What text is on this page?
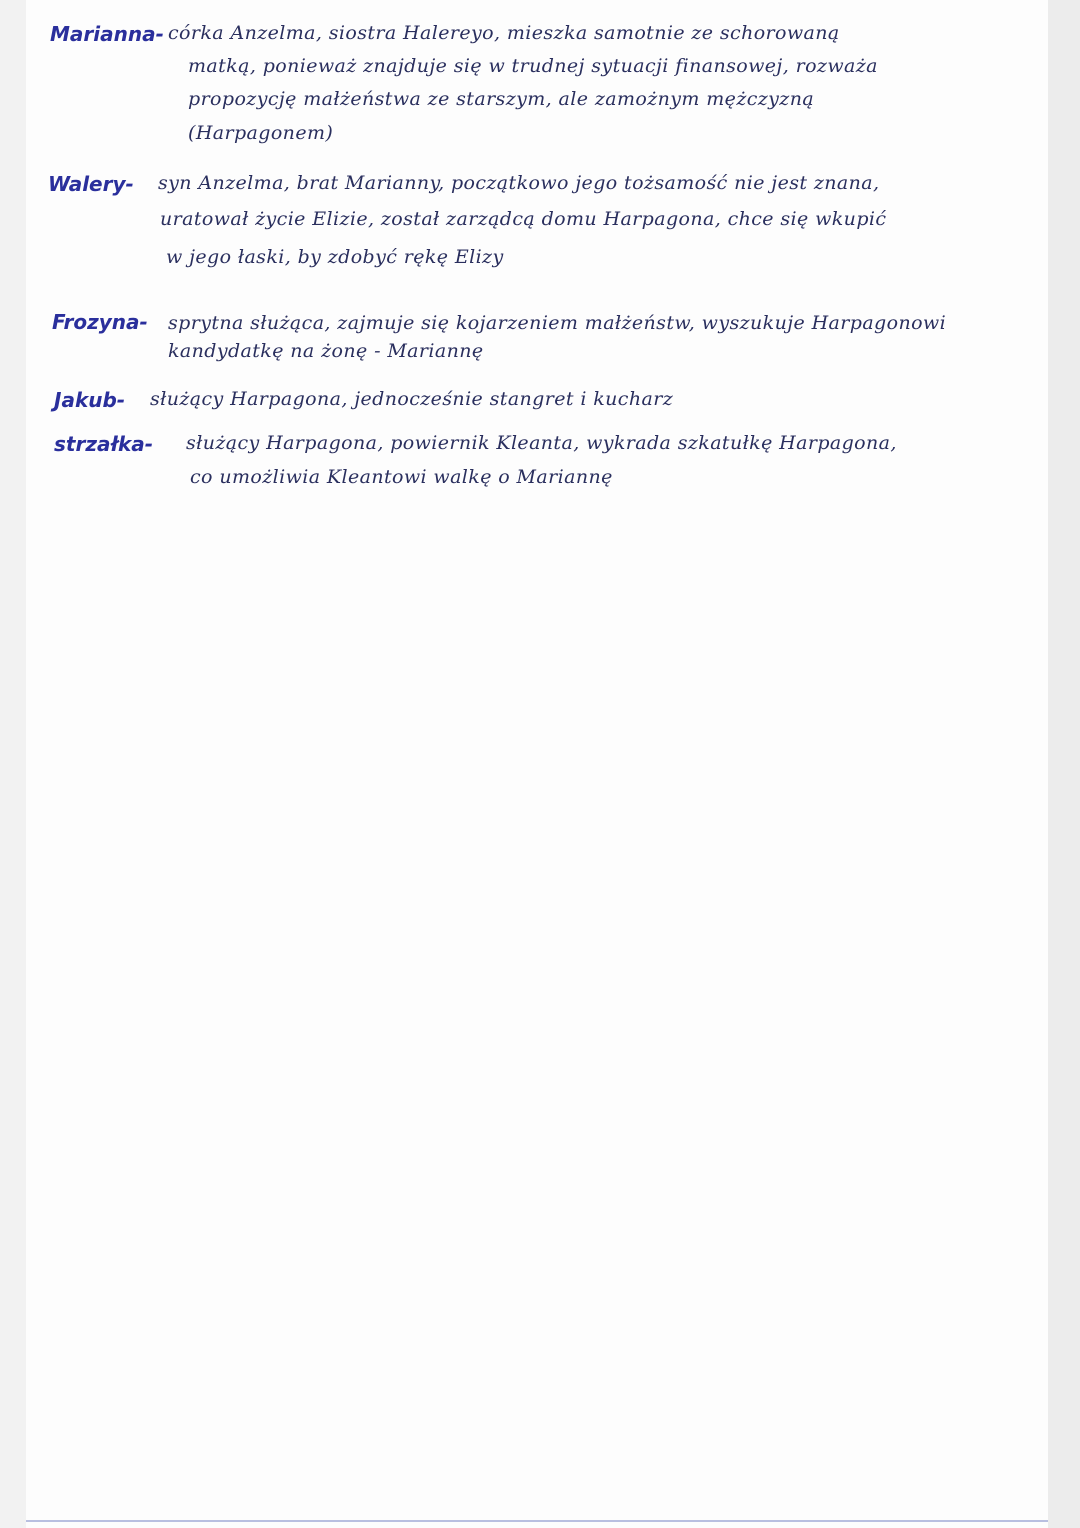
Marianna- córka Anzelma, siostra Halereyo, mieszka samotnie ze schorowaną
matką, ponieważ znajduje się w trudnej sytuacji finansowej, rozważa
propozycję małżeństwa ze starszym, ale zamożnym mężczyzną
(Harpagonem)
Walery- syn Anzelma, brat Marianny, początkowo jego tożsamość nie jest znana,
uratował życie Elizie, został zarządcą domu Harpagona, chce się wkupić
w jego łaski, by zdobyć rękę Elizy
Frozyna- sprytna służąca, zajmuje się kojarzeniem małżeństw, wyszukuje Harpagonowi
kandydatkę na żonę - Mariannę
Jakub- służący Harpagona, jednocześnie stangret i kucharz
strzałka- służący Harpagona, powiernik Kleanta, wykrada szkatułkę Harpagona,
co umożliwia Kleantowi walkę o Mariannę
